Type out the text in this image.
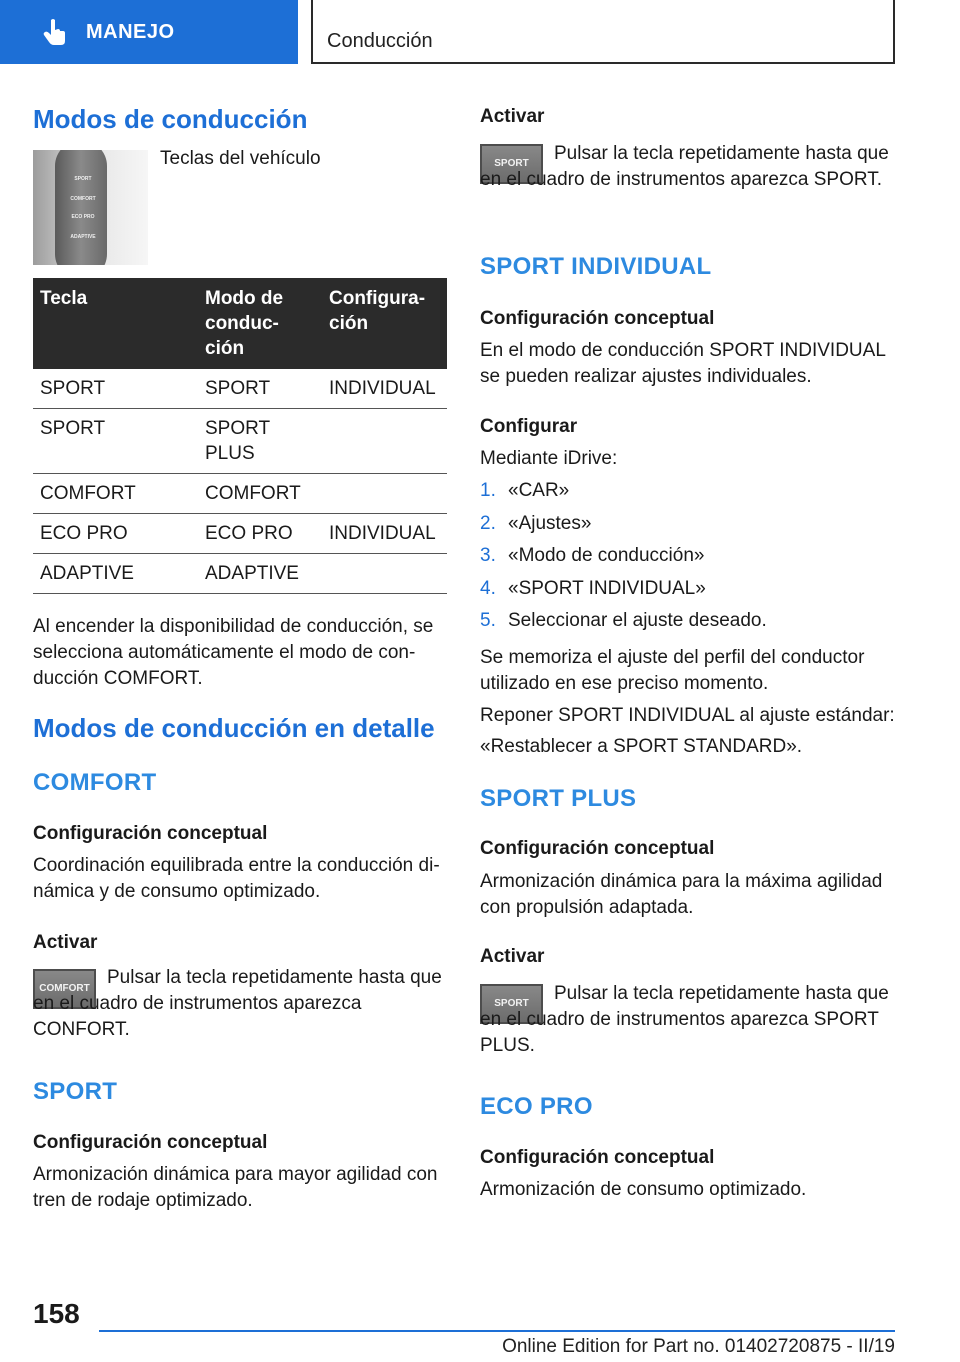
MANEJO	Conducción
Modos de conducción
SPORT
COMFORT
ECO PRO
ADAPTIVE
Teclas del vehículo
Tecla	Modo de conduc‐ ción	Configura‐ ción
SPORT	SPORT	INDIVIDUAL
SPORT	SPORT PLUS	
COMFORT	COMFORT	
ECO PRO	ECO PRO	INDIVIDUAL
ADAPTIVE	ADAPTIVE	
Al encender la disponibilidad de conducción, se selecciona automáticamente el modo de con‐ ducción COMFORT.
Modos de conducción en detalle
COMFORT
Configuración conceptual
Coordinación equilibrada entre la conducción di‐ námica y de consumo optimizado.
Activar
COMFORT
Pulsar la tecla repetidamente hasta que en el cuadro de instrumentos aparezca CONFORT.
SPORT
Configuración conceptual
Armonización dinámica para mayor agilidad con tren de rodaje optimizado.
Activar
SPORT	Pulsar la tecla repetidamente hasta que en el cuadro de instrumentos aparezca SPORT.
SPORT INDIVIDUAL
Configuración conceptual
En el modo de conducción SPORT INDIVIDUAL se pueden realizar ajustes individuales.
Configurar
Mediante iDrive:
1. «CAR»
2. «Ajustes»
3. «Modo de conducción»
4. «SPORT INDIVIDUAL»
5. Seleccionar el ajuste deseado.
Se memoriza el ajuste del perfil del conductor utilizado en ese preciso momento.
Reponer SPORT INDIVIDUAL al ajuste estándar:
«Restablecer a SPORT STANDARD».
SPORT PLUS
Configuración conceptual
Armonización dinámica para la máxima agilidad con propulsión adaptada.
Activar
SPORT	Pulsar la tecla repetidamente hasta que en el cuadro de instrumentos aparezca SPORT PLUS.
ECO PRO
Configuración conceptual
Armonización de consumo optimizado.
158
Online Edition for Part no. 01402720875 - II/19
